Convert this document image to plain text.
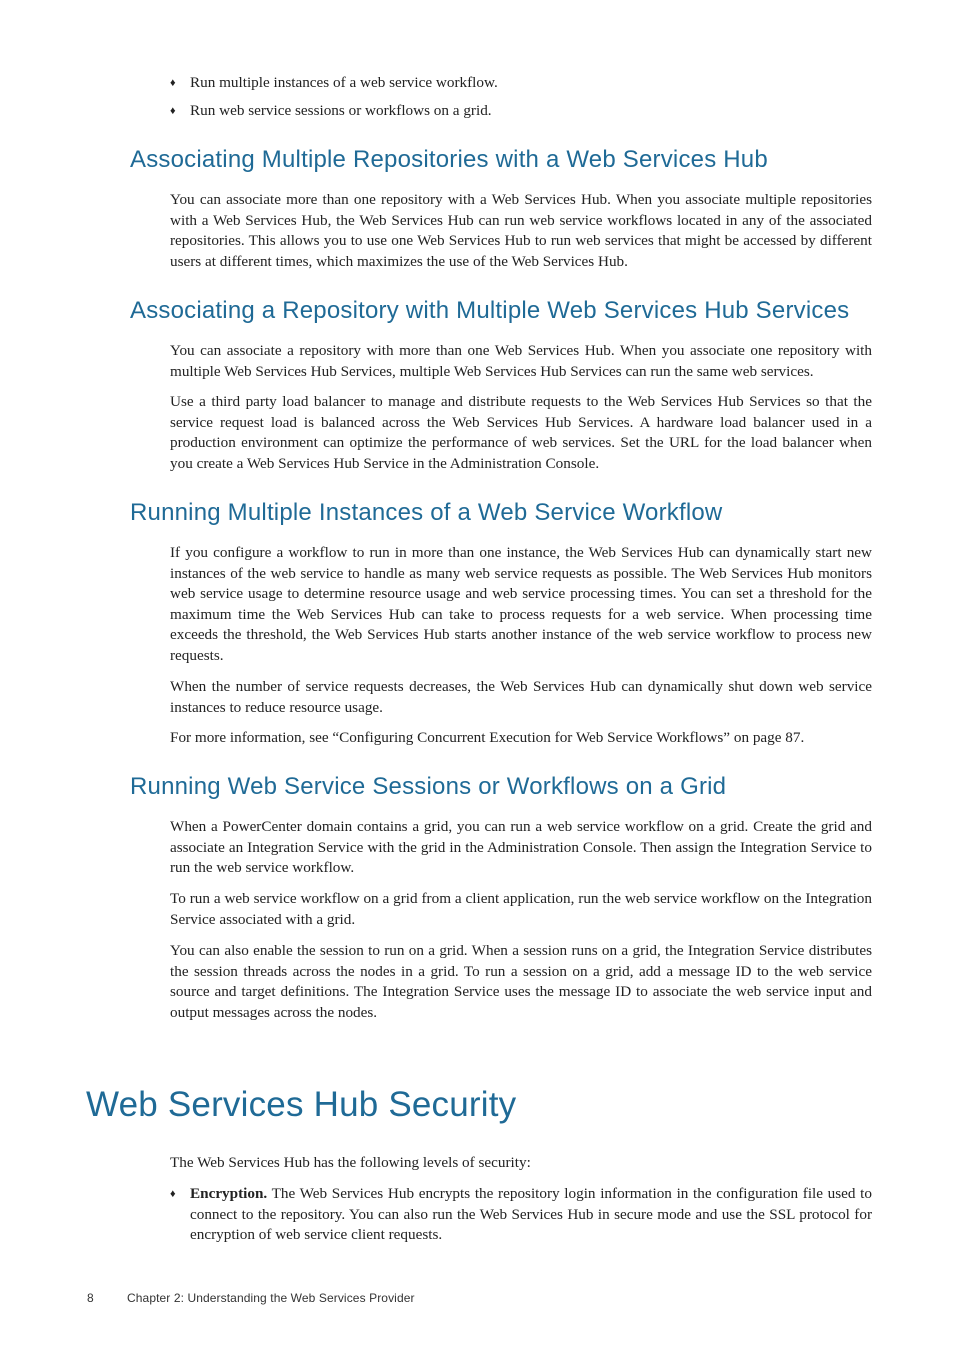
♦ Run multiple instances of a web service workflow.
♦ Run web service sessions or workflows on a grid.
Associating Multiple Repositories with a Web Services Hub

You can associate more than one repository with a Web Services Hub. When you associate multiple repositories with a Web Services Hub, the Web Services Hub can run web service workflows located in any of the associated repositories. This allows you to use one Web Services Hub to run web services that might be accessed by different users at different times, which maximizes the use of the Web Services Hub.

Associating a Repository with Multiple Web Services Hub Services

You can associate a repository with more than one Web Services Hub. When you associate one repository with multiple Web Services Hub Services, multiple Web Services Hub Services can run the same web services.

Use a third party load balancer to manage and distribute requests to the Web Services Hub Services so that the service request load is balanced across the Web Services Hub Services. A hardware load balancer used in a production environment can optimize the performance of web services. Set the URL for the load balancer when you create a Web Services Hub Service in the Administration Console.

Running Multiple Instances of a Web Service Workflow

If you configure a workflow to run in more than one instance, the Web Services Hub can dynamically start new instances of the web service to handle as many web service requests as possible. The Web Services Hub monitors web service usage to determine resource usage and web service processing times. You can set a threshold for the maximum time the Web Services Hub can take to process requests for a web service. When processing time exceeds the threshold, the Web Services Hub starts another instance of the web service workflow to process new requests.

When the number of service requests decreases, the Web Services Hub can dynamically shut down web service instances to reduce resource usage.

For more information, see “Configuring Concurrent Execution for Web Service Workflows” on page 87.

Running Web Service Sessions or Workflows on a Grid

When a PowerCenter domain contains a grid, you can run a web service workflow on a grid. Create the grid and associate an Integration Service with the grid in the Administration Console. Then assign the Integration Service to run the web service workflow.

To run a web service workflow on a grid from a client application, run the web service workflow on the Integration Service associated with a grid.

You can also enable the session to run on a grid. When a session runs on a grid, the Integration Service distributes the session threads across the nodes in a grid. To run a session on a grid, add a message ID to the web service source and target definitions. The Integration Service uses the message ID to associate the web service input and output messages across the nodes.

Web Services Hub Security

The Web Services Hub has the following levels of security:

♦ Encryption. The Web Services Hub encrypts the repository login information in the configuration file used to connect to the repository. You can also run the Web Services Hub in secure mode and use the SSL protocol for encryption of web service client requests.
8	Chapter 2: Understanding the Web Services Provider
